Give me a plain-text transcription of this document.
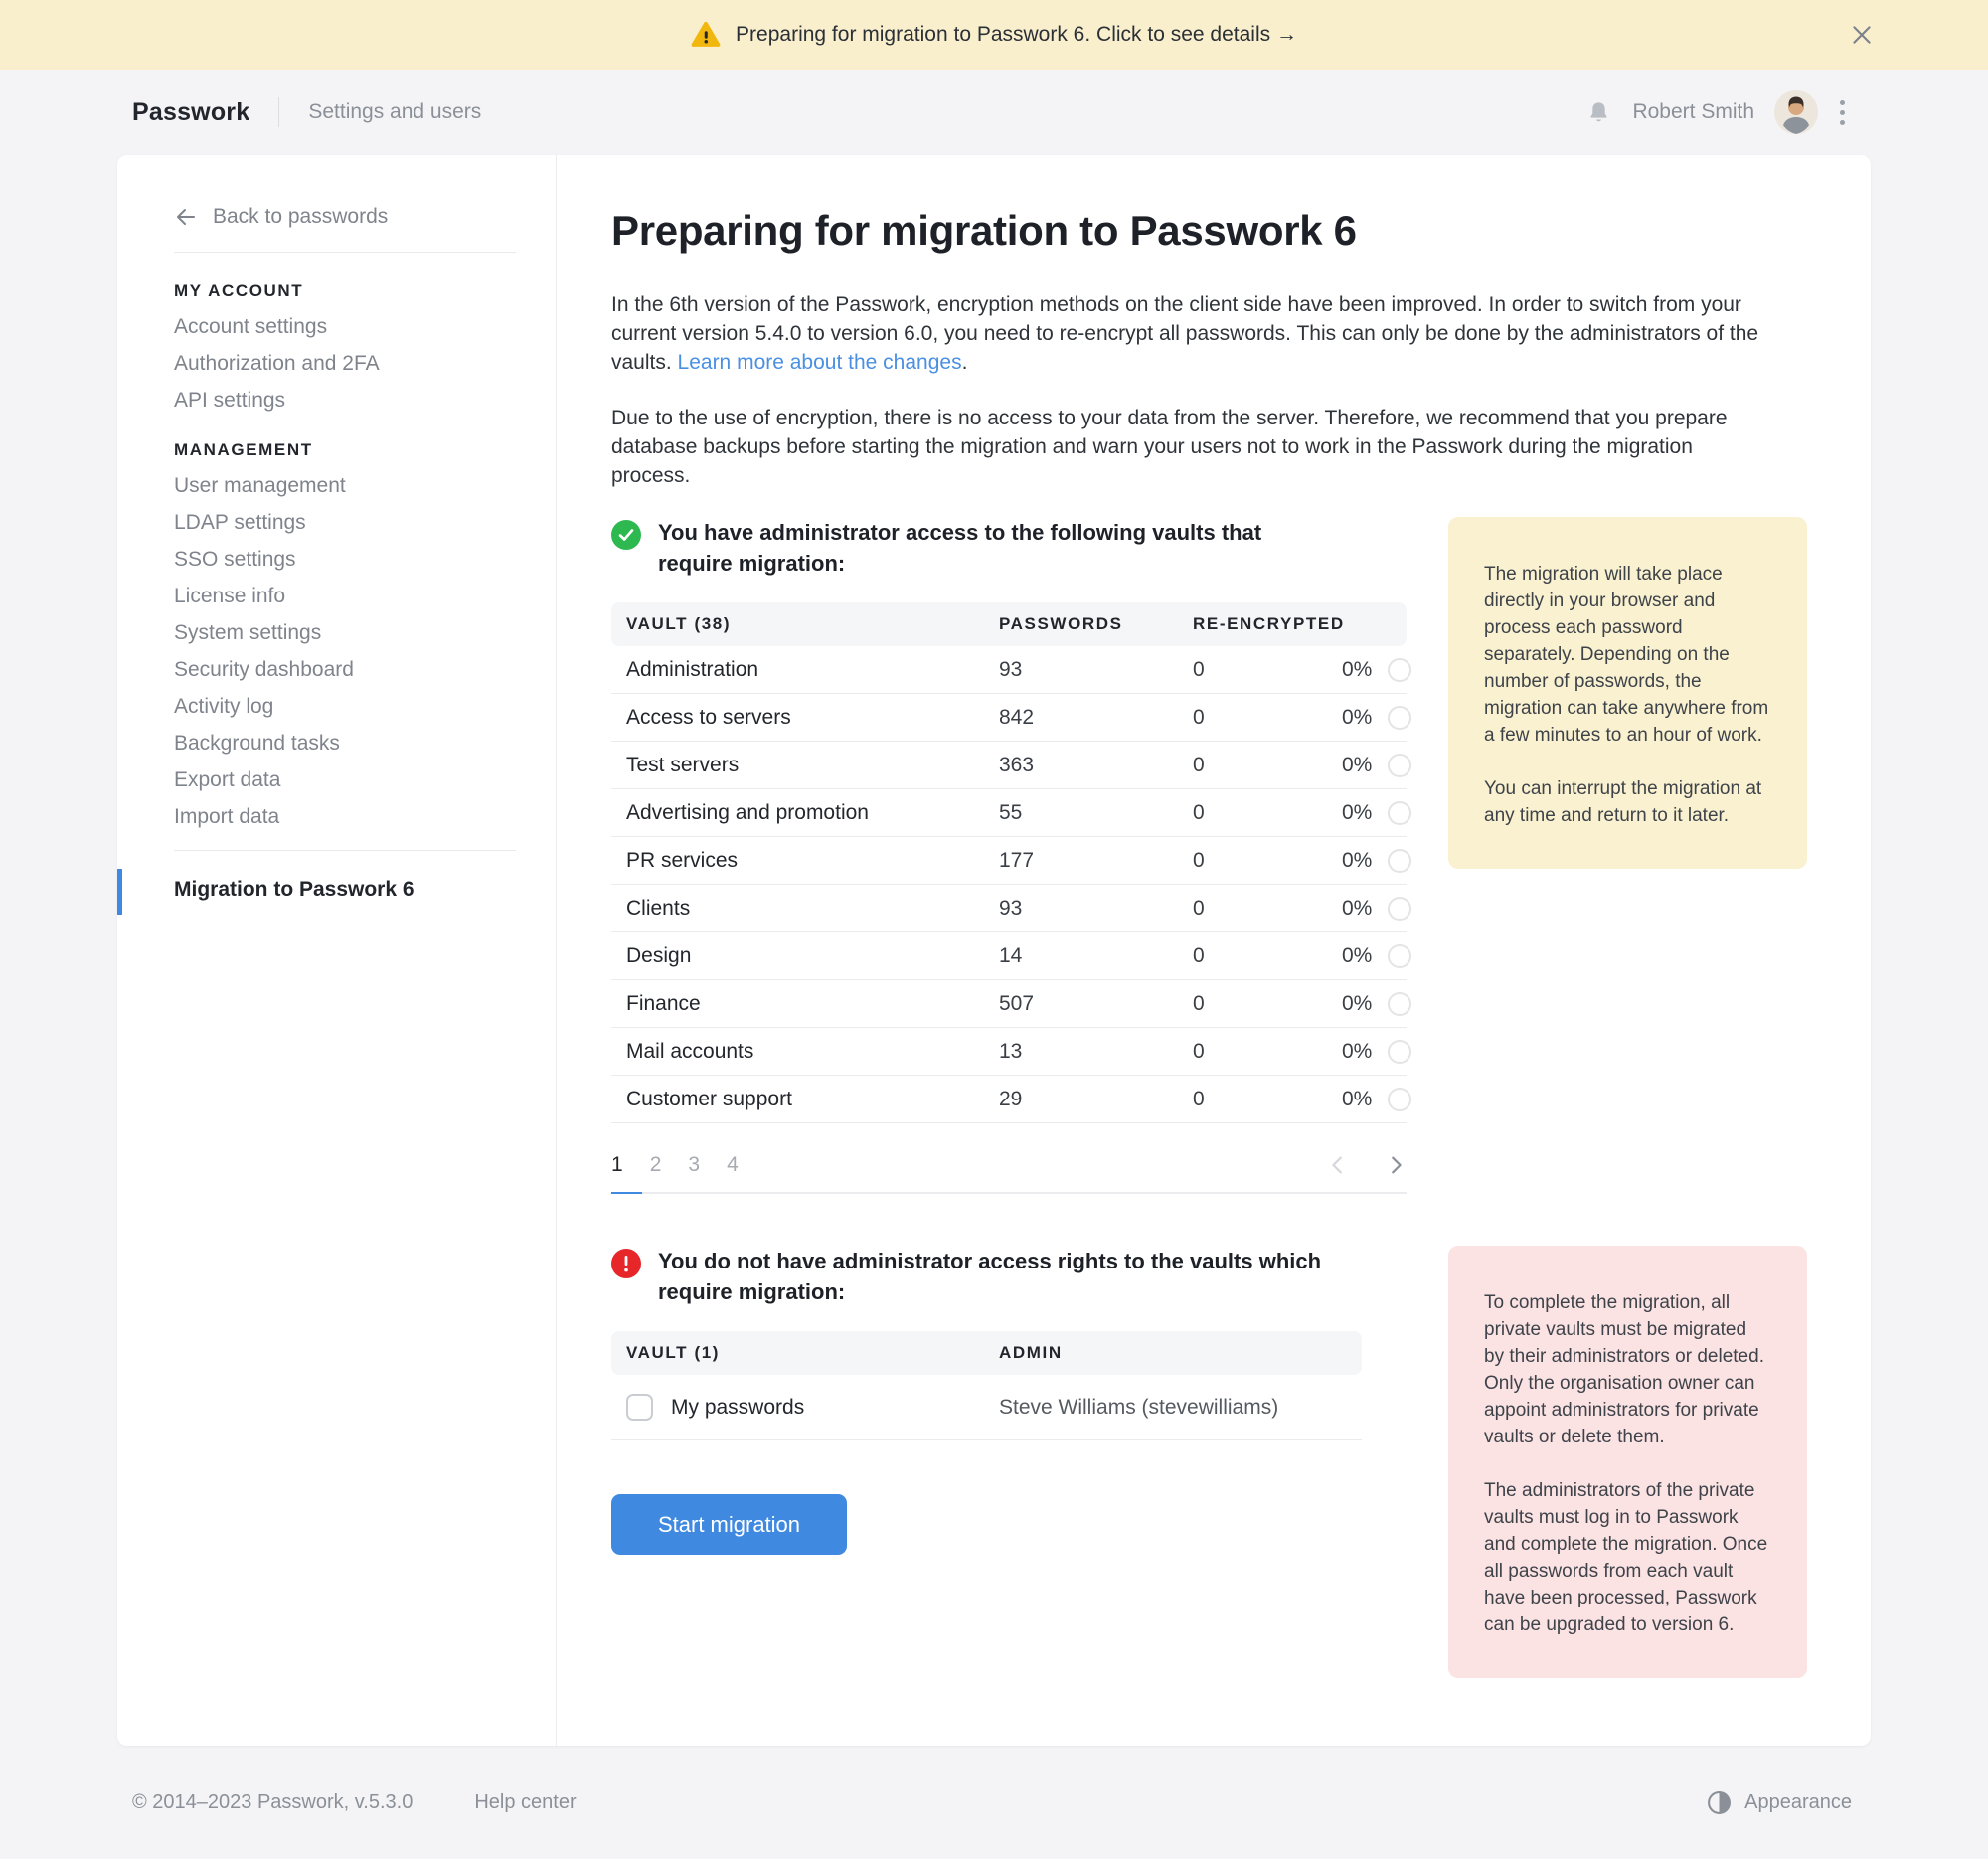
Preparing for migration to Passwork 6. Click to see details →
Passwork	Settings and users	Robert Smith
Back to passwords
MY ACCOUNT
Account settings
Authorization and 2FA
API settings
MANAGEMENT
User management
LDAP settings
SSO settings
License info
System settings
Security dashboard
Activity log
Background tasks
Export data
Import data
Migration to Passwork 6
Preparing for migration to Passwork 6

In the 6th version of the Passwork, encryption methods on the client side have been improved. In order to switch from your current version 5.4.0 to version 6.0, you need to re-encrypt all passwords. This can only be done by the administrators of the vaults. Learn more about the changes.

Due to the use of encryption, there is no access to your data from the server. Therefore, we recommend that you prepare database backups before starting the migration and warn your users not to work in the Passwork during the migration process.

You have administrator access to the following vaults that require migration:
VAULT (38)	PASSWORDS	RE-ENCRYPTED
Administration	93	0	0%
Access to servers	842	0	0%
Test servers	363	0	0%
Advertising and promotion	55	0	0%
PR services	177	0	0%
Clients	93	0	0%
Design	14	0	0%
Finance	507	0	0%
Mail accounts	13	0	0%
Customer support	29	0	0%
1 2 3 4

The migration will take place directly in your browser and process each password separately. Depending on the number of passwords, the migration can take anywhere from a few minutes to an hour of work.

You can interrupt the migration at any time and return to it later.

You do not have administrator access rights to the vaults which require migration:
VAULT (1)	ADMIN
My passwords	Steve Williams (stevewilliams)
Start migration

To complete the migration, all private vaults must be migrated by their administrators or deleted. Only the organisation owner can appoint administrators for private vaults or delete them.

The administrators of the private vaults must log in to Passwork and complete the migration. Once all passwords from each vault have been processed, Passwork can be upgraded to version 6.

© 2014–2023 Passwork, v.5.3.0	Help center	Appearance
